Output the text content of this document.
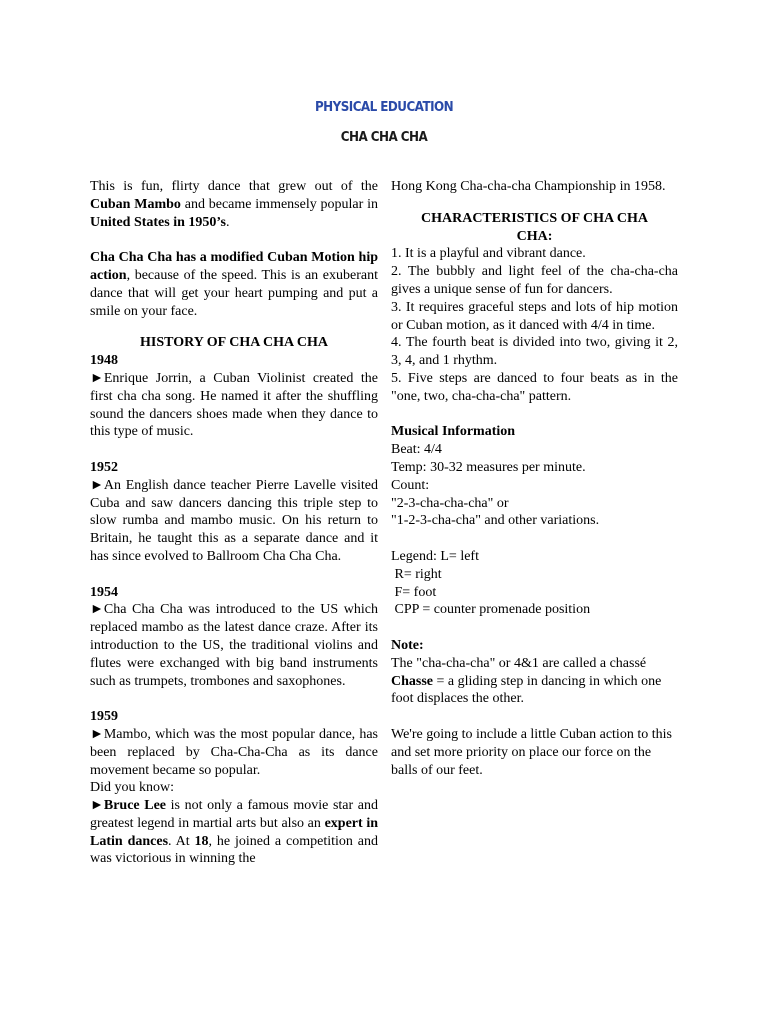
PHYSICAL EDUCATION
CHA CHA CHA

This is fun, flirty dance that grew out of the Cuban Mambo and became immensely popular in United States in 1950’s.

Cha Cha Cha has a modified Cuban Motion hip action, because of the speed. This is an exuberant dance that will get your heart pumping and put a smile on your face.

HISTORY OF CHA CHA CHA

1948

►Enrique Jorrin, a Cuban Violinist created the first cha cha song. He named it after the shuffling sound the dancers shoes made when they dance to this type of music.

1952

►An English dance teacher Pierre Lavelle visited Cuba and saw dancers dancing this triple step to slow rumba and mambo music. On his return to Britain, he taught this as a separate dance and it has since evolved to Ballroom Cha Cha Cha.

1954

►Cha Cha Cha was introduced to the US which replaced mambo as the latest dance craze. After its introduction to the US, the traditional violins and flutes were exchanged with big band instruments such as trumpets, trombones and saxophones.

1959

►Mambo, which was the most popular dance, has been replaced by Cha-Cha-Cha as its dance movement became so popular.

Did you know:

►Bruce Lee is not only a famous movie star and greatest legend in martial arts but also an expert in Latin dances. At 18, he joined a competition and was victorious in winning the

Hong Kong Cha-cha-cha Championship in 1958.

CHARACTERISTICS OF CHA CHA

CHA:

1. It is a playful and vibrant dance.

2. The bubbly and light feel of the cha-cha-cha gives a unique sense of fun for dancers.

3. It requires graceful steps and lots of hip motion or Cuban motion, as it danced with 4/4 in time.

4. The fourth beat is divided into two, giving it 2, 3, 4, and 1 rhythm.

5. Five steps are danced to four beats as in the "one, two, cha-cha-cha" pattern.

Musical Information

Beat: 4/4

Temp: 30-32 measures per minute.

Count:

"2-3-cha-cha-cha" or

"1-2-3-cha-cha" and other variations.

Legend: L= left

R= right

F= foot

CPP = counter promenade position

Note:

The "cha-cha-cha" or 4&1 are called a chassé

Chasse = a gliding step in dancing in which one foot displaces the other.

We're going to include a little Cuban action to this and set more priority on place our force on the balls of our feet.
